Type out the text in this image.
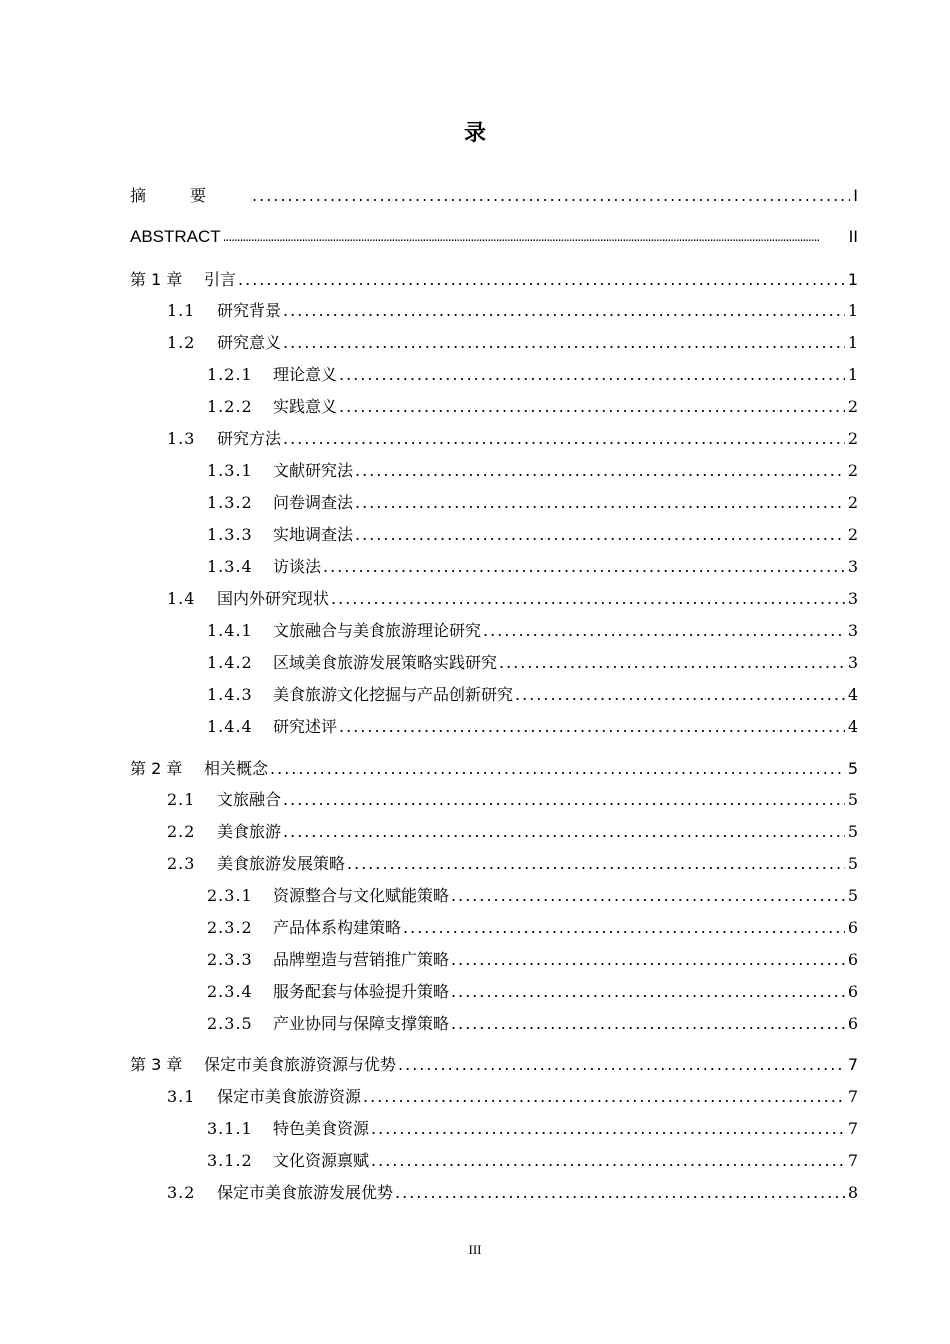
录
摘要 .....	I
ABSTRACT .....	II
第 1 章	引言 .....	1
1.1	研究背景 .....	1
1.2	研究意义 .....	1
1.2.1	理论意义 .....	1
1.2.2	实践意义 .....	2
1.3	研究方法 .....	2
1.3.1	文献研究法 .....	2
1.3.2	问卷调查法 .....	2
1.3.3	实地调查法 .....	2
1.3.4	访谈法 .....	3
1.4	国内外研究现状 .....	3
1.4.1	文旅融合与美食旅游理论研究 .....	3
1.4.2	区域美食旅游发展策略实践研究 .....	3
1.4.3	美食旅游文化挖掘与产品创新研究 .....	4
1.4.4	研究述评 .....	4
第 2 章	相关概念 .....	5
2.1	文旅融合 .....	5
2.2	美食旅游 .....	5
2.3	美食旅游发展策略 .....	5
2.3.1	资源整合与文化赋能策略 .....	5
2.3.2	产品体系构建策略 .....	6
2.3.3	品牌塑造与营销推广策略 .....	6
2.3.4	服务配套与体验提升策略 .....	6
2.3.5	产业协同与保障支撑策略 .....	6
第 3 章	保定市美食旅游资源与优势 .....	7
3.1	保定市美食旅游资源 .....	7
3.1.1	特色美食资源 .....	7
3.1.2	文化资源禀赋 .....	7
3.2	保定市美食旅游发展优势 .....	8
III
